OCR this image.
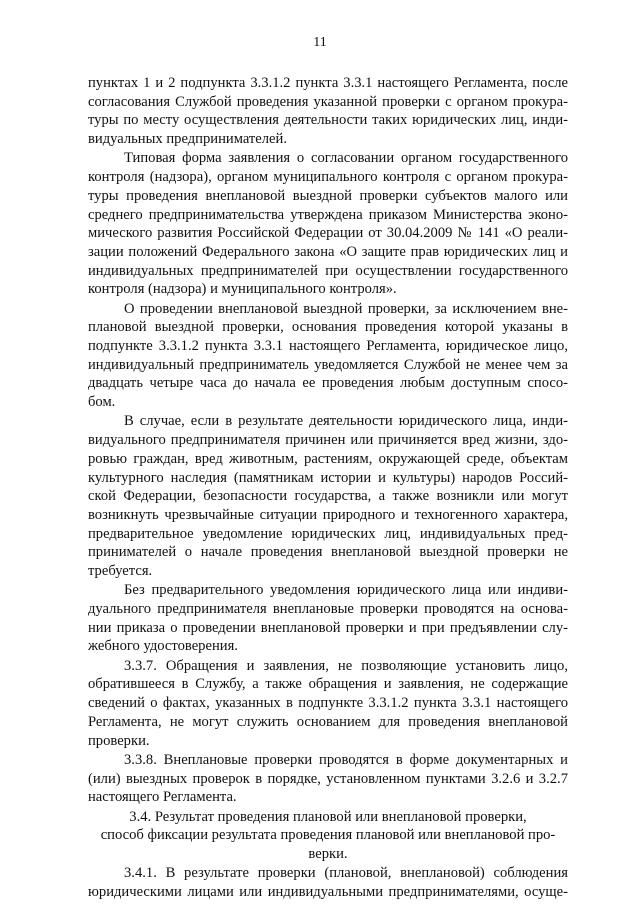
11
пунктах 1 и 2 подпункта 3.3.1.2 пункта 3.3.1 настоящего Регламента, после
согласования Службой проведения указанной проверки с органом прокура-
туры по месту осуществления деятельности таких юридических лиц, инди-
видуальных предпринимателей.
Типовая форма заявления о согласовании органом государственного
контроля (надзора), органом муниципального контроля с органом прокура-
туры проведения внеплановой выездной проверки субъектов малого или
среднего предпринимательства утверждена приказом Министерства эконо-
мического развития Российской Федерации от 30.04.2009 № 141 «О реали-
зации положений Федерального закона «О защите прав юридических лиц и
индивидуальных предпринимателей при осуществлении государственного
контроля (надзора) и муниципального контроля».
О проведении внеплановой выездной проверки, за исключением вне-
плановой выездной проверки, основания проведения которой указаны в
подпункте 3.3.1.2 пункта 3.3.1 настоящего Регламента, юридическое лицо,
индивидуальный предприниматель уведомляется Службой не менее чем за
двадцать четыре часа до начала ее проведения любым доступным спосо-
бом.
В случае, если в результате деятельности юридического лица, инди-
видуального предпринимателя причинен или причиняется вред жизни, здо-
ровью граждан, вред животным, растениям, окружающей среде, объектам
культурного наследия (памятникам истории и культуры) народов Россий-
ской Федерации, безопасности государства, а также возникли или могут
возникнуть чрезвычайные ситуации природного и техногенного характера,
предварительное уведомление юридических лиц, индивидуальных пред-
принимателей о начале проведения внеплановой выездной проверки не
требуется.
Без предварительного уведомления юридического лица или индиви-
дуального предпринимателя внеплановые проверки проводятся на основа-
нии приказа о проведении внеплановой проверки и при предъявлении слу-
жебного удостоверения.
3.3.7. Обращения и заявления, не позволяющие установить лицо,
обратившееся в Службу, а также обращения и заявления, не содержащие
сведений о фактах, указанных в подпункте 3.3.1.2 пункта 3.3.1 настоящего
Регламента, не могут служить основанием для проведения внеплановой
проверки.
3.3.8. Внеплановые проверки проводятся в форме документарных и
(или) выездных проверок в порядке, установленном пунктами 3.2.6 и 3.2.7
настоящего Регламента.
3.4. Результат проведения плановой или внеплановой проверки,
способ фиксации результата проведения плановой или внеплановой про-
верки.
3.4.1. В результате проверки (плановой, внеплановой) соблюдения
юридическими лицами или индивидуальными предпринимателями, осуще-
